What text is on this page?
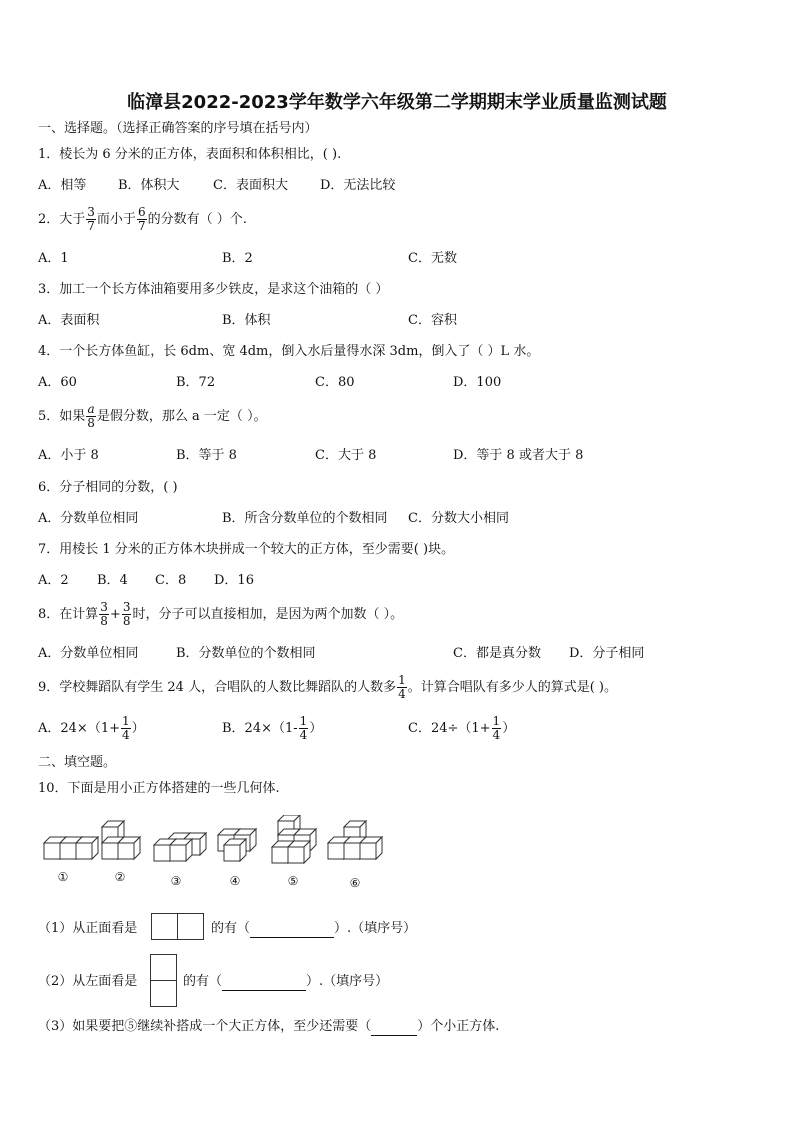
临漳县2022-2023学年数学六年级第二学期期末学业质量监测试题
一、选择题。（选择正确答案的序号填在括号内）
1．棱长为 6 分米的正方体，表面积和体积相比，( ).
A．相等 B．体积大	C．表面积大 D．无法比较
2．大于 $\frac{3}{7}$ 而小于 $\frac{6}{7}$ 的分数有（ ）个.
A．1	B．2	C．无数
3．加工一个长方体油箱要用多少铁皮，是求这个油箱的（ ）
A．表面积	B．体积	C．容积
4．一个长方体鱼缸，长 6dm、宽 4dm，倒入水后量得水深 3dm，倒入了（ ）L 水。
A．60	B．72	C．80	D．100
5．如果 $\frac{a}{8}$ 是假分数，那么 a 一定（ ）。
A．小于 8	B．等于 8	C．大于 8	D．等于 8 或者大于 8
6．分子相同的分数，( )
A．分数单位相同	B．所含分数单位的个数相同 C．分数大小相同
7．用棱长 1 分米的正方体木块拼成一个较大的正方体，至少需要( )块。
A．2 B．4 C．8 D．16
8．在计算 $\frac{3}{8} + \frac{3}{8}$ 时，分子可以直接相加，是因为两个加数（ ）。
A．分数单位相同	B．分数单位的个数相同	C．都是真分数 D．分子相同
9．学校舞蹈队有学生 24 人，合唱队的人数比舞蹈队的人数多 $\frac{1}{4}$ 。计算合唱队有多少人的算式是( )。
A．$24\times(1+ \frac{1}{4}$ ）	B．$24\times(1- \frac{1}{4}$ ）	C．$24\div(1+ \frac{1}{4}$ ）
二、填空题。
10．下面是用小正方体搭建的一些几何体.
①	②	③	④	⑤	⑥
（1）从正面看是	的有（	）.（填序号）
（2）从左面看是	的有（	）.（填序号）
（3）如果要把⑤继续补搭成一个大正方体，至少还需要（	）个小正方体.
